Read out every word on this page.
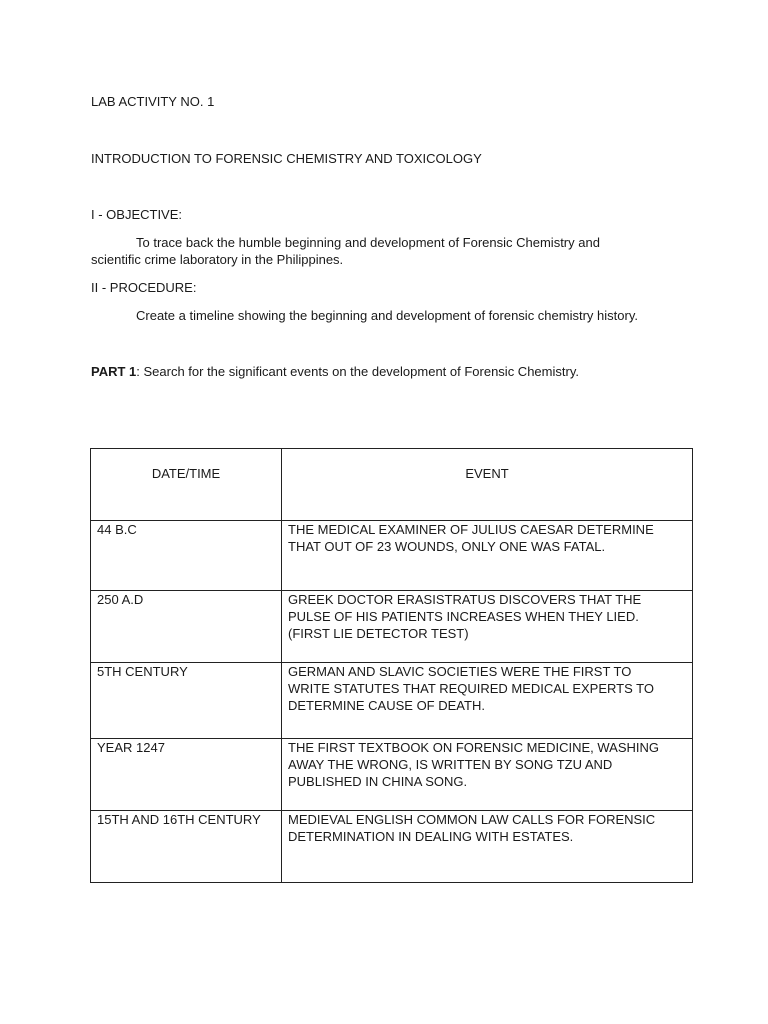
LAB ACTIVITY NO. 1
INTRODUCTION TO FORENSIC CHEMISTRY AND TOXICOLOGY
I - OBJECTIVE:
To trace back the humble beginning and development of Forensic Chemistry and
scientific crime laboratory in the Philippines.
II - PROCEDURE:
Create a timeline showing the beginning and development of forensic chemistry history.
PART 1: Search for the significant events on the development of Forensic Chemistry.
DATE/TIME	EVENT

44 B.C	THE MEDICAL EXAMINER OF JULIUS CAESAR DETERMINE
THAT OUT OF 23 WOUNDS, ONLY ONE WAS FATAL.

250 A.D	GREEK DOCTOR ERASISTRATUS DISCOVERS THAT THE
PULSE OF HIS PATIENTS INCREASES WHEN THEY LIED.
(FIRST LIE DETECTOR TEST)

5TH CENTURY	GERMAN AND SLAVIC SOCIETIES WERE THE FIRST TO
WRITE STATUTES THAT REQUIRED MEDICAL EXPERTS TO
DETERMINE CAUSE OF DEATH.

YEAR 1247	THE FIRST TEXTBOOK ON FORENSIC MEDICINE, WASHING
AWAY THE WRONG, IS WRITTEN BY SONG TZU AND
PUBLISHED IN CHINA SONG.

15TH AND 16TH CENTURY	MEDIEVAL ENGLISH COMMON LAW CALLS FOR FORENSIC
DETERMINATION IN DEALING WITH ESTATES.
